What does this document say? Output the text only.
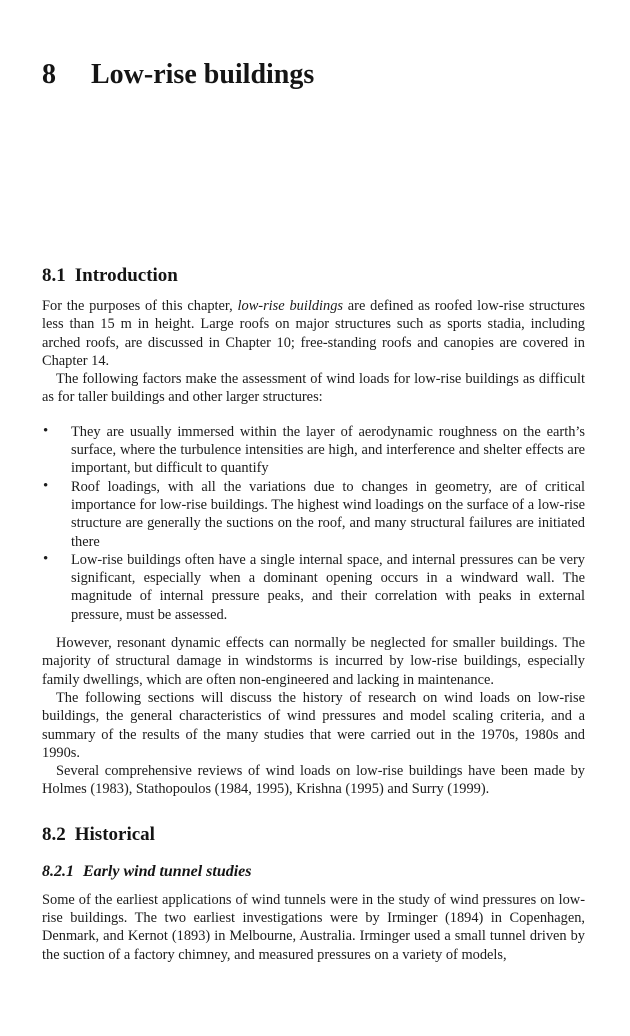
8 Low-rise buildings
8.1 Introduction

For the purposes of this chapter, low-rise buildings are defined as roofed low-rise structures less than 15 m in height. Large roofs on major structures such as sports stadia, including arched roofs, are discussed in Chapter 10; free-standing roofs and canopies are covered in Chapter 14.

The following factors make the assessment of wind loads for low-rise buildings as difficult as for taller buildings and other larger structures:

• They are usually immersed within the layer of aerodynamic roughness on the earth’s surface, where the turbulence intensities are high, and interference and shelter effects are important, but difficult to quantify
• Roof loadings, with all the variations due to changes in geometry, are of critical importance for low-rise buildings. The highest wind loadings on the surface of a low-rise structure are generally the suctions on the roof, and many structural failures are initiated there
• Low-rise buildings often have a single internal space, and internal pressures can be very significant, especially when a dominant opening occurs in a windward wall. The magnitude of internal pressure peaks, and their correlation with peaks in external pressure, must be assessed.

However, resonant dynamic effects can normally be neglected for smaller buildings. The majority of structural damage in windstorms is incurred by low-rise buildings, especially family dwellings, which are often non-engineered and lacking in maintenance.

The following sections will discuss the history of research on wind loads on low-rise buildings, the general characteristics of wind pressures and model scaling criteria, and a summary of the results of the many studies that were carried out in the 1970s, 1980s and 1990s.

Several comprehensive reviews of wind loads on low-rise buildings have been made by Holmes (1983), Stathopoulos (1984, 1995), Krishna (1995) and Surry (1999).

8.2 Historical
8.2.1 Early wind tunnel studies

Some of the earliest applications of wind tunnels were in the study of wind pressures on low-rise buildings. The two earliest investigations were by Irminger (1894) in Copenhagen, Denmark, and Kernot (1893) in Melbourne, Australia. Irminger used a small tunnel driven by the suction of a factory chimney, and measured pressures on a variety of models,
